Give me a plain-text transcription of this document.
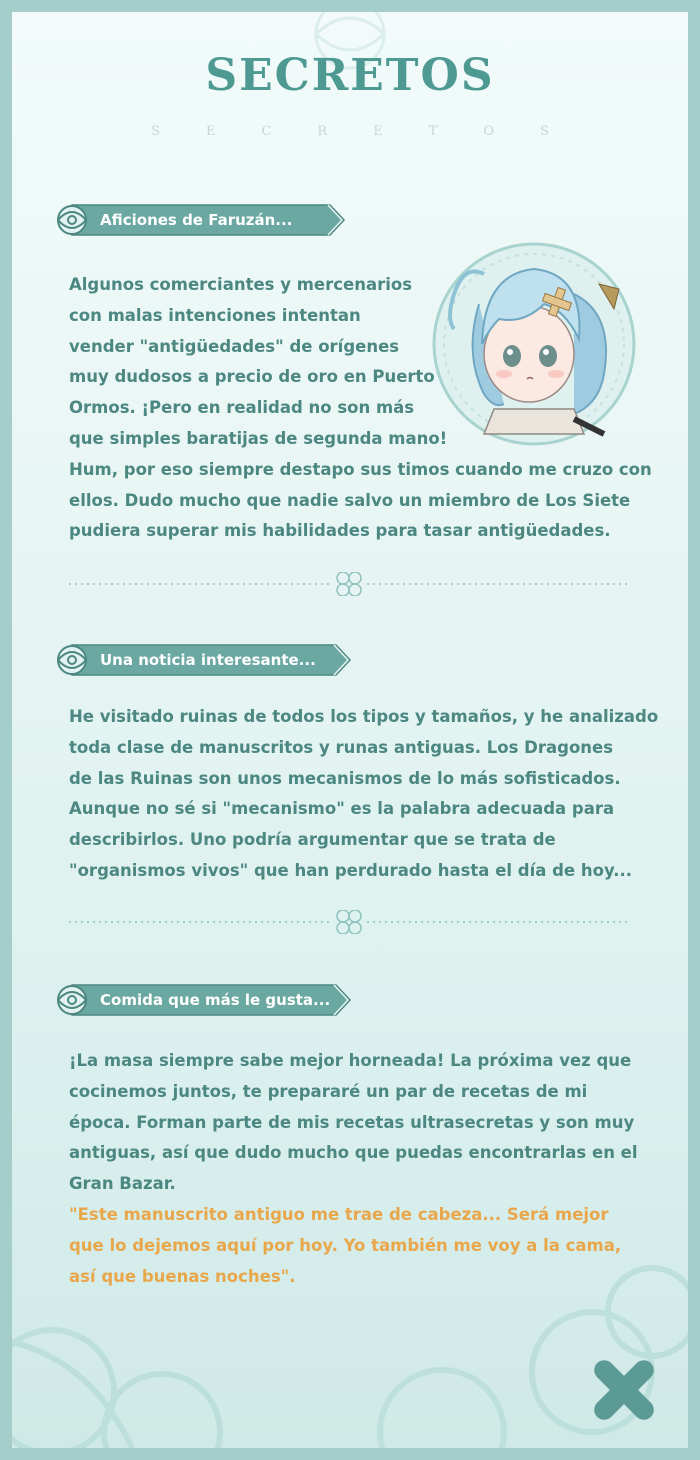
SECRETOS
SECRETOS
Aficiones de Faruzán...

Algunos comerciantes y mercenarios
con malas intenciones intentan
vender "antigüedades" de orígenes
muy dudosos a precio de oro en Puerto
Ormos. ¡Pero en realidad no son más
que simples baratijas de segunda mano!
Hum, por eso siempre destapo sus timos cuando me cruzo con
ellos. Dudo mucho que nadie salvo un miembro de Los Siete
pudiera superar mis habilidades para tasar antigüedades.

Una noticia interesante...

He visitado ruinas de todos los tipos y tamaños, y he analizado
toda clase de manuscritos y runas antiguas. Los Dragones
de las Ruinas son unos mecanismos de lo más sofisticados.
Aunque no sé si "mecanismo" es la palabra adecuada para
describirlos. Uno podría argumentar que se trata de
"organismos vivos" que han perdurado hasta el día de hoy...

Comida que más le gusta...

¡La masa siempre sabe mejor horneada! La próxima vez que
cocinemos juntos, te prepararé un par de recetas de mi
época. Forman parte de mis recetas ultrasecretas y son muy
antiguas, así que dudo mucho que puedas encontrarlas en el
Gran Bazar.
"Este manuscrito antiguo me trae de cabeza... Será mejor
que lo dejemos aquí por hoy. Yo también me voy a la cama,
así que buenas noches".
